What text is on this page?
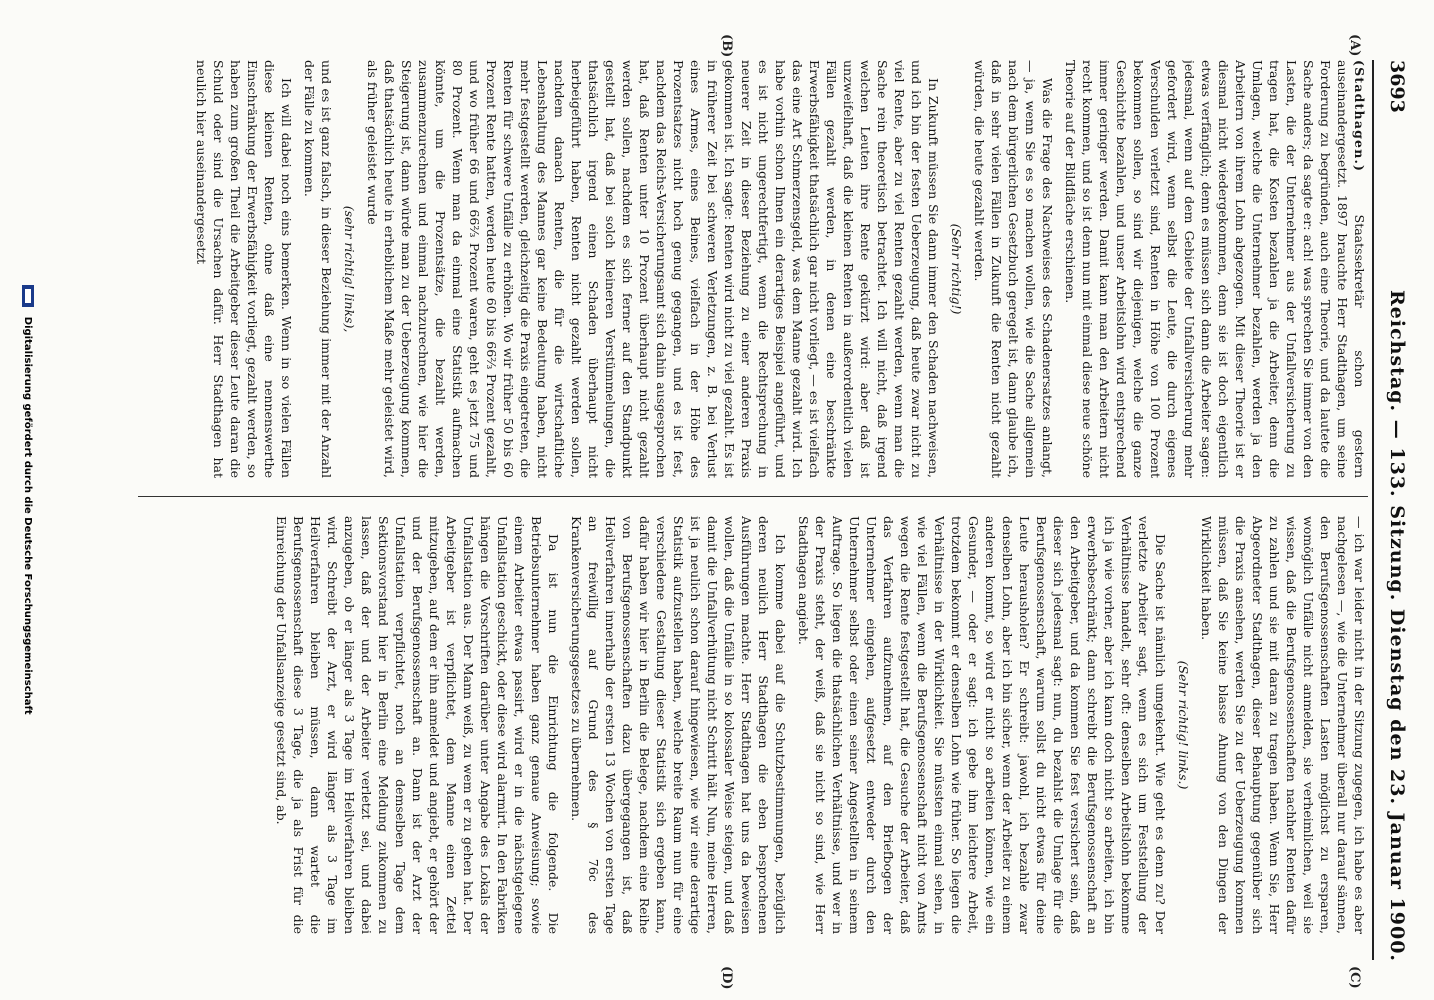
3693
Reichstag. — 133. Sitzung. Dienstag den 23. Januar 1900.
(A)
(B)
(C)
(D)

(Stadthagen.) Staatssekretär schon gestern auseinandergesetzt. 1897 brauchte Herr Stadthagen, um seine Forderung zu begründen, auch eine Theorie, und da lautete die Sache anders; da sagte er: ach! was sprechen Sie immer von den Lasten, die der Unternehmer aus der Unfallversicherung zu tragen hat, die Kosten bezahlen ja die Arbeiter, denn die Umlagen, welche die Unternehmer bezahlen, werden ja den Arbeitern von ihrem Lohn abgezogen. Mit dieser Theorie ist er diesmal nicht wiedergekommen, denn sie ist doch eigentlich etwas verfänglich; denn es müssen sich dann die Arbeiter sagen: jedesmal, wenn auf dem Gebiete der Unfallversicherung mehr gefordert wird, wenn selbst die Leute, die durch eigenes Verschulden verletzt sind, Renten in Höhe von 100 Prozent bekommen sollen, so sind wir diejenigen, welche die ganze Geschichte bezahlen, und unser Arbeitslohn wird entsprechend immer geringer werden. Damit kann man den Arbeitern nicht recht kommen, und so ist denn nun mit einmal diese neue schöne Theorie auf der Bildfläche erschienen.

Was die Frage des Nachweises des Schadenersatzes anlangt, — ja, wenn Sie es so machen wollen, wie die Sache allgemein nach dem bürgerlichen Gesetzbuch geregelt ist, dann glaube ich, daß in sehr vielen Fällen in Zukunft die Renten nicht gezahlt würden, die heute gezahlt werden.

(Sehr richtig!)

In Zukunft müssen Sie dann immer den Schaden nachweisen, und ich bin der festen Ueberzeugung, daß heute zwar nicht zu viel Rente, aber zu viel Renten gezahlt werden, wenn man die Sache rein theoretisch betrachtet. Ich will nicht, daß irgend welchen Leuten ihre Rente gekürzt wird: aber daß ist unzweifelhaft, daß die kleinen Renten in außerordentlich vielen Fällen gezahlt werden, in denen eine beschränkte Erwerbsfähigkeit thatsächlich gar nicht vorliegt, — es ist vielfach das eine Art Schmerzensgeld, was dem Manne gezahlt wird. Ich habe vorhin schon Ihnen ein derartiges Beispiel angeführt, und es ist nicht ungerechtfertigt, wenn die Rechtsprechung in neuerer Zeit in dieser Beziehung zu einer anderen Praxis gekommen ist. Ich sagte: Renten wird nicht zu viel gezahlt. Es ist in früherer Zeit bei schweren Verletzungen, z. B. bei Verlust eines Armes, eines Beines, vielfach in der Höhe des Prozentsatzes nicht hoch genug gegangen, und es ist fest, nachdem das Reichs-Versicherungsamt sich dahin ausgesprochen hat, daß Renten unter 10 Prozent überhaupt nicht gezahlt werden sollen, nachdem es sich ferner auf den Standpunkt gestellt hat, daß bei solch kleineren Verstümmelungen, die thatsächlich irgend einen Schaden überhaupt nicht herbeigeführt haben, Renten nicht gezahlt werden sollen, nachdem danach Renten, die für die wirtschaftliche Lebenshaltung des Mannes gar keine Bedeutung haben, nicht mehr festgestellt werden, gleichzeitig die Praxis eingetreten, die Renten für schwere Unfälle zu erhöhen. Wo wir früher 50 bis 60 Prozent Rente hatten, werden heute 60 bis 66⅔ Prozent gezahlt, und wo früher 66 und 66⅔ Prozent waren, geht es jetzt 75 und 80 Prozent. Wenn man da einmal eine Statistik aufmachen könnte, um die Prozentsätze, die bezahlt werden, zusammenzurechnen und einmal nachzurechnen, wie hier die Steigerung ist, dann würde man zu der Ueberzeugung kommen, daß thatsächlich heute in erheblichem Maße mehr geleistet wird, als früher geleistet wurde

(sehr richtig! links),

und es ist ganz falsch, in dieser Beziehung immer mit der Anzahl der Fälle zu kommen.

Ich will dabei noch eins bemerken. Wenn in so vielen Fällen diese kleinen Renten, ohne daß eine nennenswerthe Einschränkung der Erwerbsfähigkeit vorliegt, gezahlt werden, so haben zum großen Theil die Arbeitgeber dieser Leute daran die Schuld oder sind die Ursachen dafür. Herr Stadthagen hat neulich hier auseinandergesetzt

— ich war leider nicht in der Sitzung zugegen, ich habe es aber nachgelesen —, wie die Unternehmer überall nur darauf sännen, den Berufsgenossenschaften Lasten möglichst zu ersparen, womöglich Unfälle nicht anmelden, sie verheimlichen, weil sie wissen, daß die Berufsgenossenschaften nachher Renten dafür zu zahlen und sie mit daran zu tragen haben. Wenn Sie, Herr Abgeordneter Stadthagen, dieser Behauptung gegenüber sich die Praxis ansehen, werden Sie zu der Ueberzeugung kommen müssen, daß Sie keine blasse Ahnung von den Dingen der Wirklichkeit haben.

(Sehr richtig! links.)

Die Sache ist nämlich umgekehrt. Wie geht es denn zu? Der verletzte Arbeiter sagt, wenn es sich um Feststellung der Verhältnisse handelt, sehr oft: denselben Arbeitslohn bekomme ich ja wie vorher, aber ich kann doch nicht so arbeiten, ich bin erwerbsbeschränkt; dann schreibt die Berufsgenossenschaft an den Arbeitgeber, und da kommen Sie fest versichert sein, daß dieser sich jedesmal sagt: nun, du bezahlst die Umlage für die Berufsgenossenschaft, warum sollst du nicht etwas für deine Leute herausholen? Er schreibt: jawohl, ich bezahle zwar denselben Lohn, aber ich bin sicher, wenn der Arbeiter zu einem anderen kommt, so wird er nicht so arbeiten können, wie ein Gesunder, — oder er sagt: ich gebe ihm leichtere Arbeit, trotzdem bekommt er denselben Lohn wie früher. So liegen die Verhältnisse in der Wirklichkeit. Sie müssten einmal sehen, in wie viel Fällen, wenn die Berufsgenossenschaft nicht von Amts wegen die Rente festgestellt hat, die Gesuche der Arbeiter, daß das Verfahren aufzunehmen, auf den Briefbogen der Unternehmer eingehen, aufgesetzt entweder durch den Unternehmer selbst oder einen seiner Angestellten in seinem Auftrage. So liegen die thatsächlichen Verhältnisse, und wer in der Praxis steht, der weiß, daß sie nicht so sind, wie Herr Stadthagen angiebt.

Ich komme dabei auf die Schutzbestimmungen, bezüglich deren neulich Herr Stadthagen die eben besprochenen Ausführungen machte. Herr Stadthagen hat uns da beweisen wollen, daß die Unfälle in so kolossaler Weise steigen, und daß damit die Unfallverhütung nicht Schritt hält. Nun, meine Herren, ist ja neulich schon darauf hingewiesen, wie wir eine derartige Statistik aufzustellen haben, welche breite Raum nun für eine verschiedene Gestaltung dieser Statistik sich ergeben kann, dafür haben wir hier in Berlin die Belege, nachdem eine Reihe von Berufsgenossenschaften dazu übergegangen ist, daß Heilverfahren innerhalb der ersten 13 Wochen von ersten Tage an freiwillig auf Grund des § 76c des Krankenversicherungsgesetzes zu übernehmen.

Da ist nun die Einrichtung die folgende. Die Betriebsunternehmer haben ganz genaue Anweisung; sowie einem Arbeiter etwas passirt, wird er in die nächstgelegene Unfallstation geschickt, oder diese wird alarmirt. In den Fabriken hängen die Vorschriften darüber unter Angabe des Lokals der Unfallstation aus. Der Mann weiß, zu wem er zu gehen hat. Der Arbeitgeber ist verpflichtet, dem Manne einen Zettel mitzugeben, auf dem er ihn anmeldet und angiebt, er gehört der und der Berufsgenossenschaft an. Dann ist der Arzt der Unfallstation verpflichtet, noch an demselben Tage dem Sektionsvorstand hier in Berlin eine Meldung zukommen zu lassen, daß der und der Arbeiter verletzt sei, und dabei anzugeben, ob er länger als 3 Tage im Heilverfahren bleiben wird. Schreibt der Arzt, er wird länger als 3 Tage im Heilverfahren bleiben müssen, dann wartet die Berufsgenossenschaft diese 3 Tage, die ja als Frist für die Einreichung der Unfallsanzeige gesetzt sind, ab.

Digitalisierung gefördert durch die Deutsche Forschungsgemeinschaft
